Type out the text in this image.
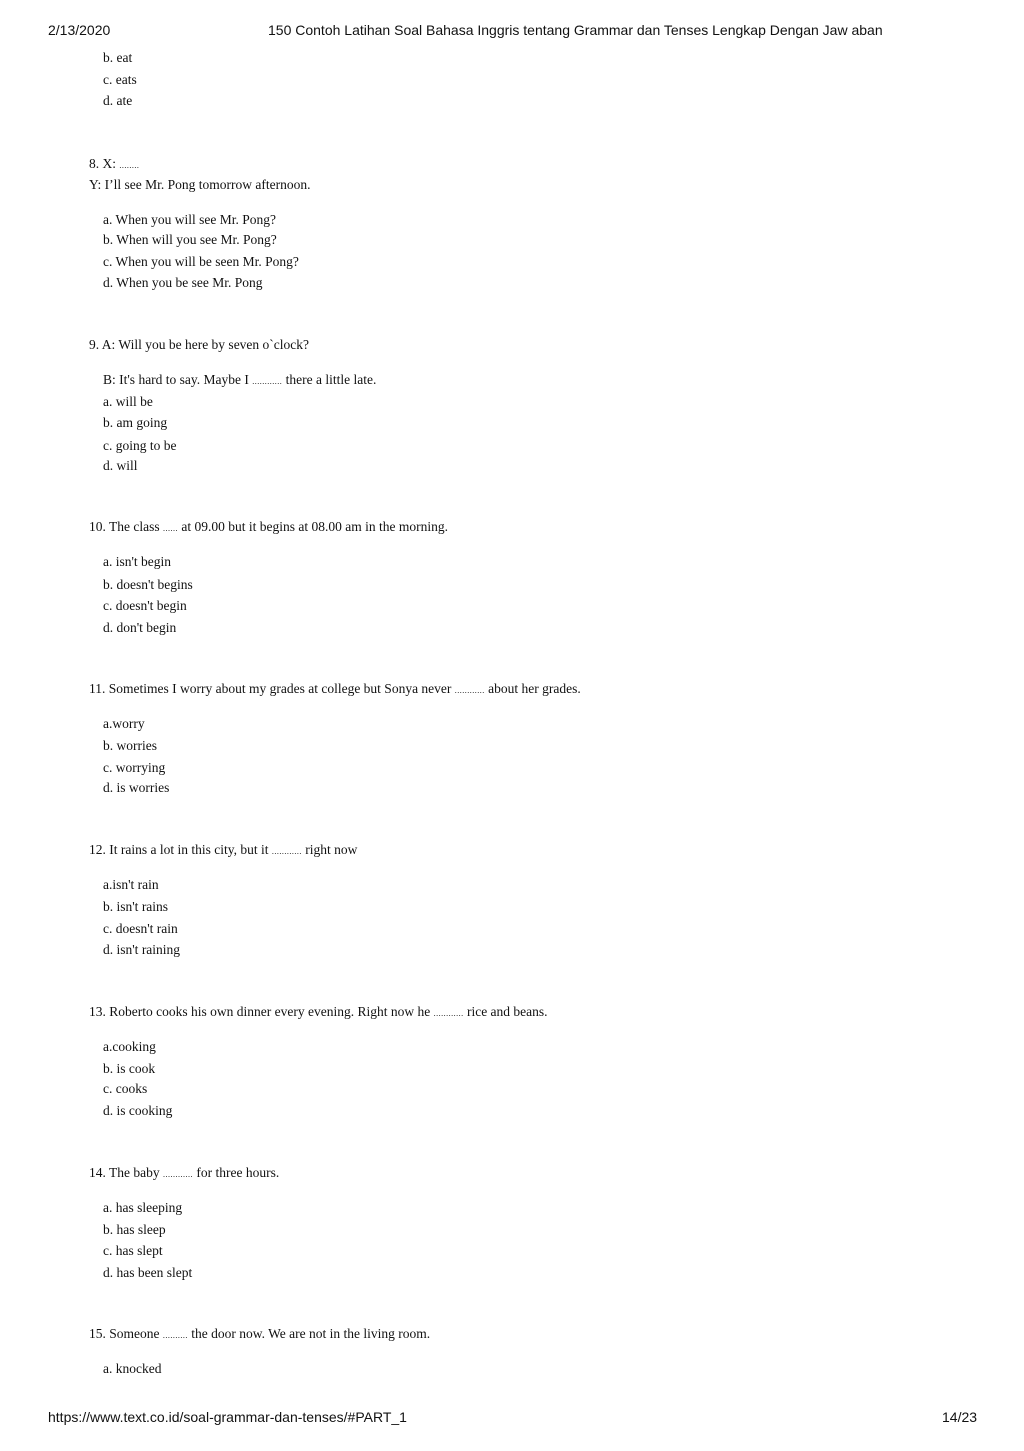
2/13/2020	150 Contoh Latihan Soal Bahasa Inggris tentang Grammar dan Tenses Lengkap Dengan Jaw aban
b. eat
c. eats
d. ate
8. X: ........
Y: I’ll see Mr. Pong tomorrow afternoon.
a. When you will see Mr. Pong?
b. When will you see Mr. Pong?
c. When you will be seen Mr. Pong?
d. When you be see Mr. Pong
9. A: Will you be here by seven o`clock?
B: It's hard to say. Maybe I ............ there a little late.
a. will be
b. am going
c. going to be
d. will
10. The class ...... at 09.00 but it begins at 08.00 am in the morning.
a. isn't begin
b. doesn't begins
c. doesn't begin
d. don't begin
11. Sometimes I worry about my grades at college but Sonya never ............ about her grades.
a.worry
b. worries
c. worrying
d. is worries
12. It rains a lot in this city, but it ............ right now
a.isn't rain
b. isn't rains
c. doesn't rain
d. isn't raining
13. Roberto cooks his own dinner every evening. Right now he ............ rice and beans.
a.cooking
b. is cook
c. cooks
d. is cooking
14. The baby ............ for three hours.
a. has sleeping
b. has sleep
c. has slept
d. has been slept
15. Someone .......... the door now. We are not in the living room.
a. knocked
https://www.text.co.id/soal-grammar-dan-tenses/#PART_1	14/23
